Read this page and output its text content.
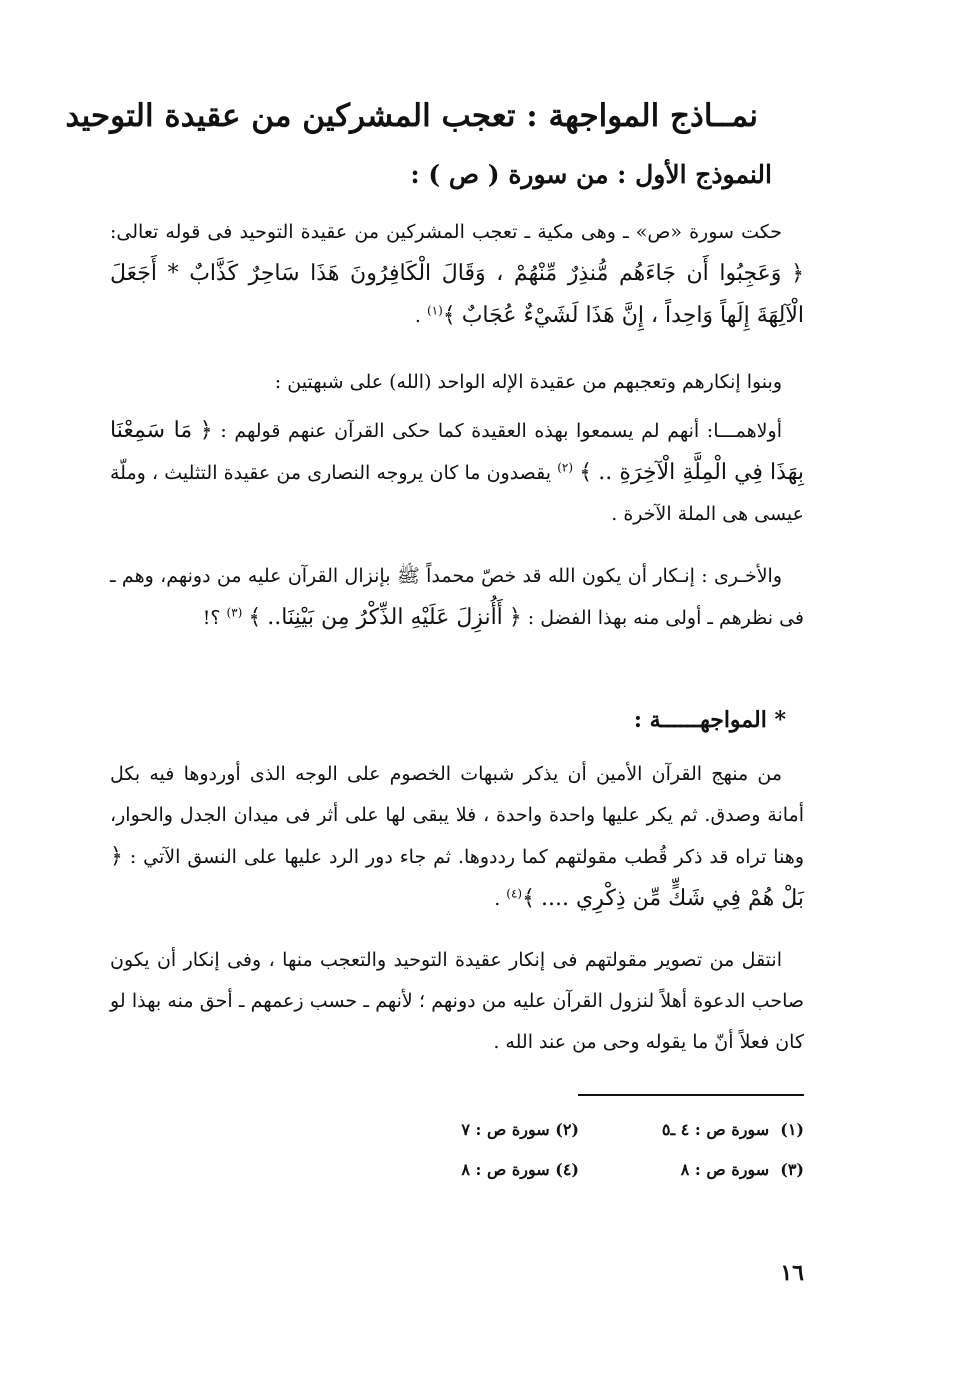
نمــاذج المواجهة : تعجب المشركين من عقيدة التوحيد
النموذج الأول : من سورة ( ص ) :

حكت سورة «ص» ـ وهى مكية ـ تعجب المشركين من عقيدة التوحيد فى قوله تعالى: ﴿ وَعَجِبُوا أَن جَاءَهُم مُّنذِرٌ مِّنْهُمْ ، وَقَالَ الْكَافِرُونَ هَذَا سَاحِرٌ كَذَّابٌ * أَجَعَلَ الْآلِهَةَ إِلَهاً وَاحِداً ، إِنَّ هَذَا لَشَيْءٌ عُجَابٌ ﴾$^{(١)}$ .

وبنوا إنكارهم وتعجبهم من عقيدة الإله الواحد (الله) على شبهتين :

أولاهمـــا: أنهم لم يسمعوا بهذه العقيدة كما حكى القرآن عنهم قولهم : ﴿ مَا سَمِعْنَا بِهَذَا فِي الْمِلَّةِ الْآخِرَةِ .. ﴾ $^{(٢)}$ يقصدون ما كان يروجه النصارى من عقيدة التثليث ، وملّة عيسى هى الملة الآخرة .

والأخـرى : إنـكار أن يكون الله قد خصّ محمداً ﷺ بإنزال القرآن عليه من دونهم، وهم ـ فى نظرهم ـ أولى منه بهذا الفضل : ﴿ أَأُنزِلَ عَلَيْهِ الذِّكْرُ مِن بَيْنِنَا.. ﴾ $^{(٣)}$ ؟!

* المواجهــــــة :

من منهج القرآن الأمين أن يذكر شبهات الخصوم على الوجه الذى أوردوها فيه بكل أمانة وصدق. ثم يكر عليها واحدة واحدة ، فلا يبقى لها على أثر فى ميدان الجدل والحوار، وهنا تراه قد ذكر قُطب مقولتهم كما رددوها. ثم جاء دور الرد عليها على النسق الآتي : ﴿ بَلْ هُمْ فِي شَكٍّ مِّن ذِكْرِي .... ﴾$^{(٤)}$ .

انتقل من تصوير مقولتهم فى إنكار عقيدة التوحيد والتعجب منها ، وفى إنكار أن يكون صاحب الدعوة أهلاً لنزول القرآن عليه من دونهم ؛ لأنهم ـ حسب زعمهم ـ أحق منه بهذا لو كان فعلاً أنّ ما يقوله وحى من عند الله .

(١)  سورة ص : ٤ ـ٥
(٢) سورة ص : ٧
(٣)  سورة ص : ٨
(٤) سورة ص : ٨
١٦
